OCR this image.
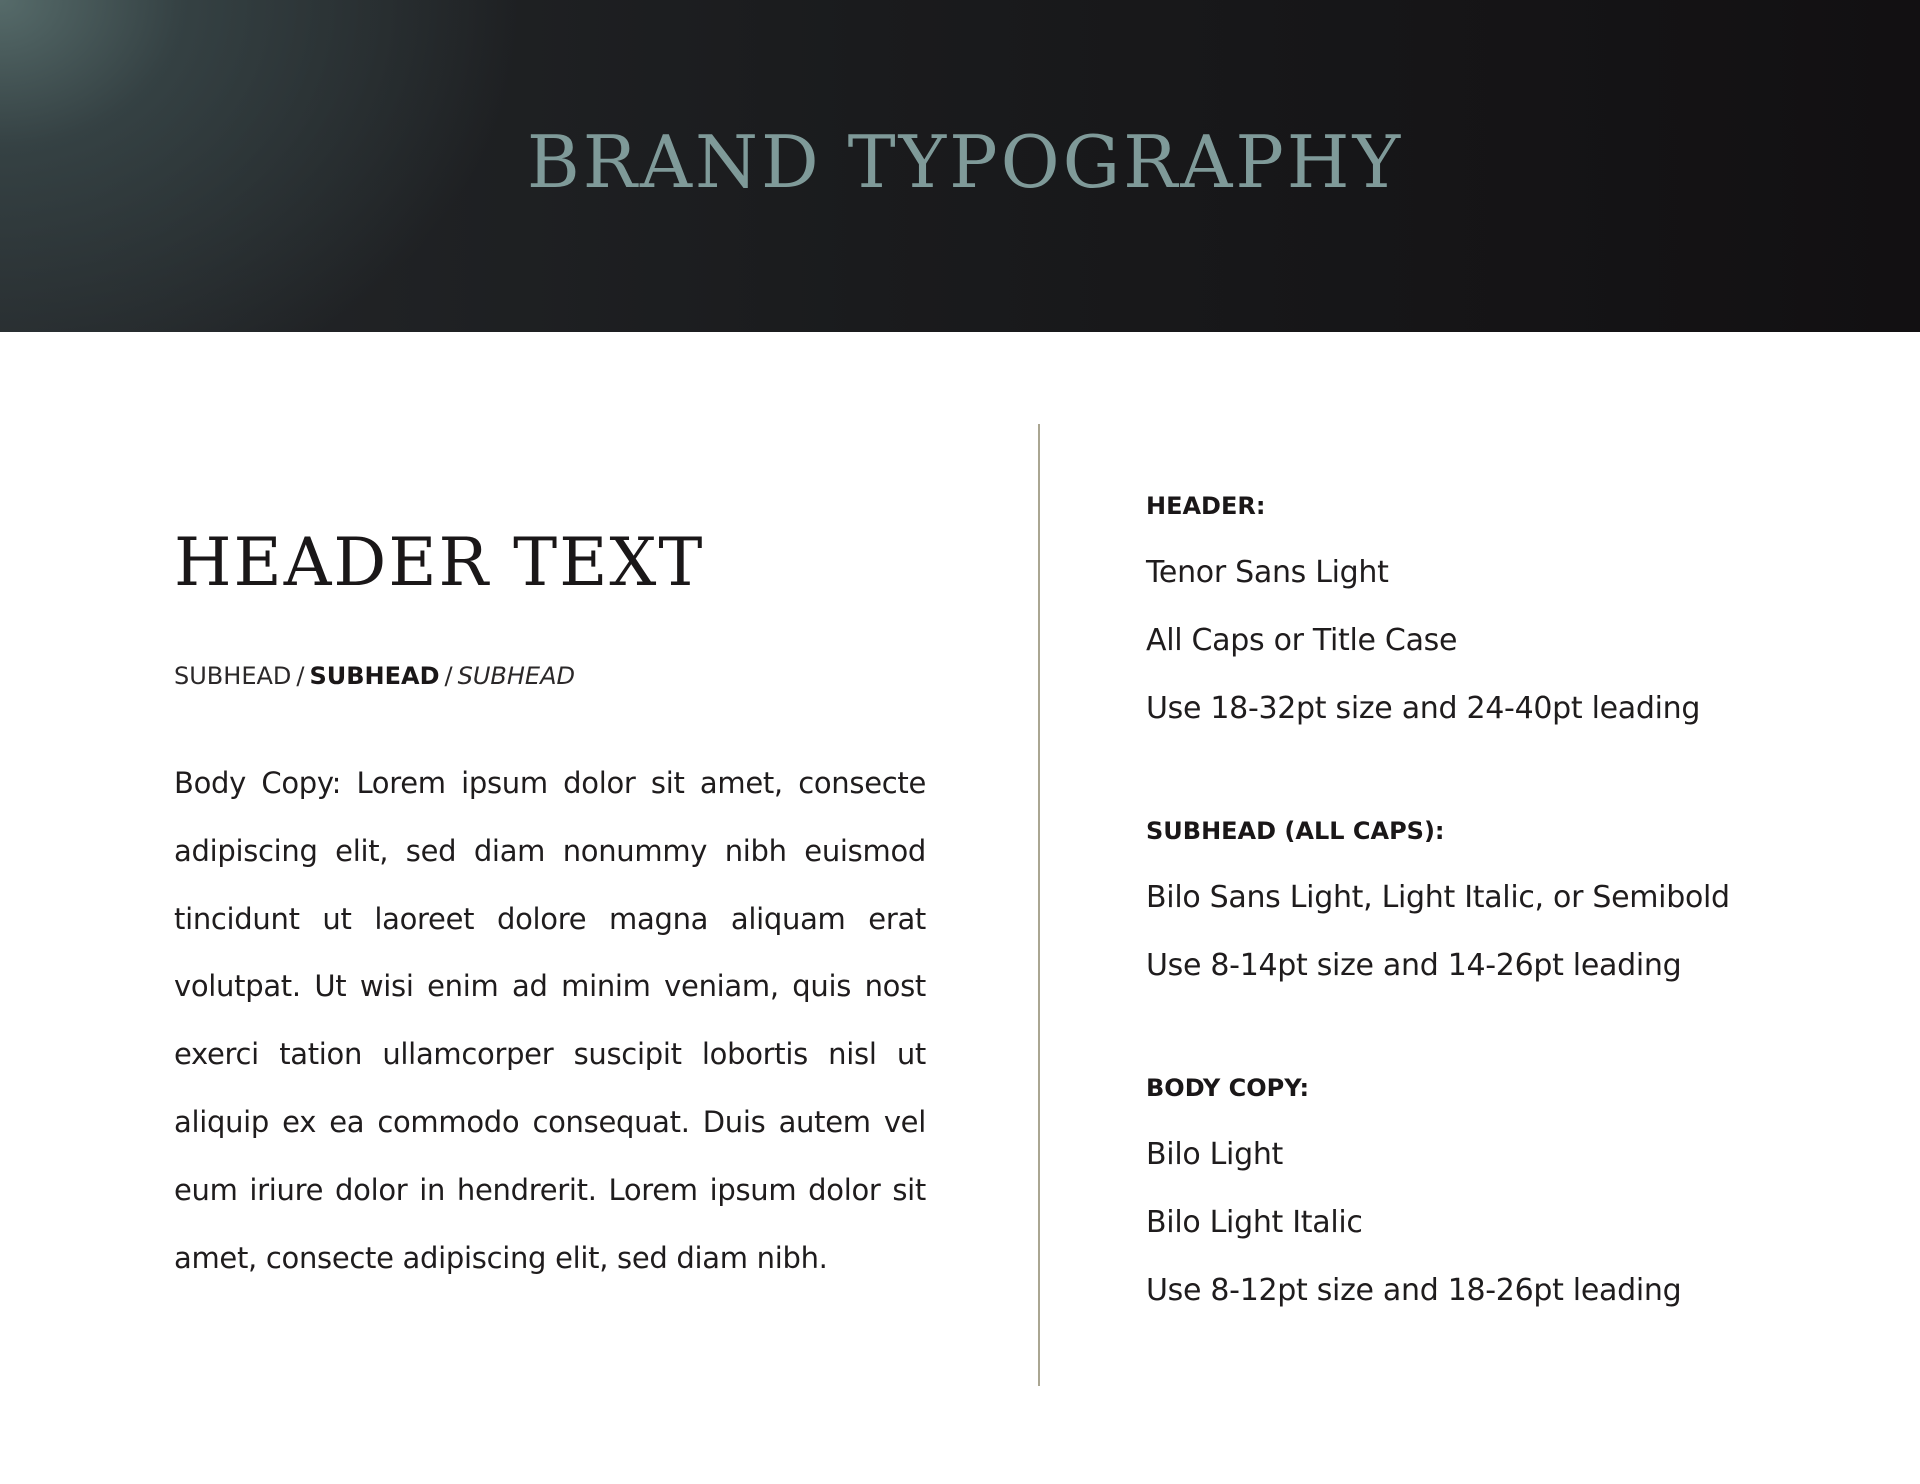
BRAND TYPOGRAPHY
HEADER TEXT
SUBHEAD / SUBHEAD / SUBHEAD
Body Copy: Lorem ipsum dolor sit amet, consecte adipiscing elit, sed diam nonummy nibh euismod tincidunt ut laoreet dolore magna aliquam erat volutpat. Ut wisi enim ad minim veniam, quis nost exerci tation ullamcorper suscipit lobortis nisl ut aliquip ex ea commodo consequat. Duis autem vel eum iriure dolor in hendrerit. Lorem ipsum dolor sit amet, consecte adipiscing elit, sed diam nibh.
HEADER:
Tenor Sans Light
All Caps or Title Case
Use 18-32pt size and 24-40pt leading
SUBHEAD (ALL CAPS):
Bilo Sans Light, Light Italic, or Semibold
Use 8-14pt size and 14-26pt leading
BODY COPY:
Bilo Light
Bilo Light Italic
Use 8-12pt size and 18-26pt leading
